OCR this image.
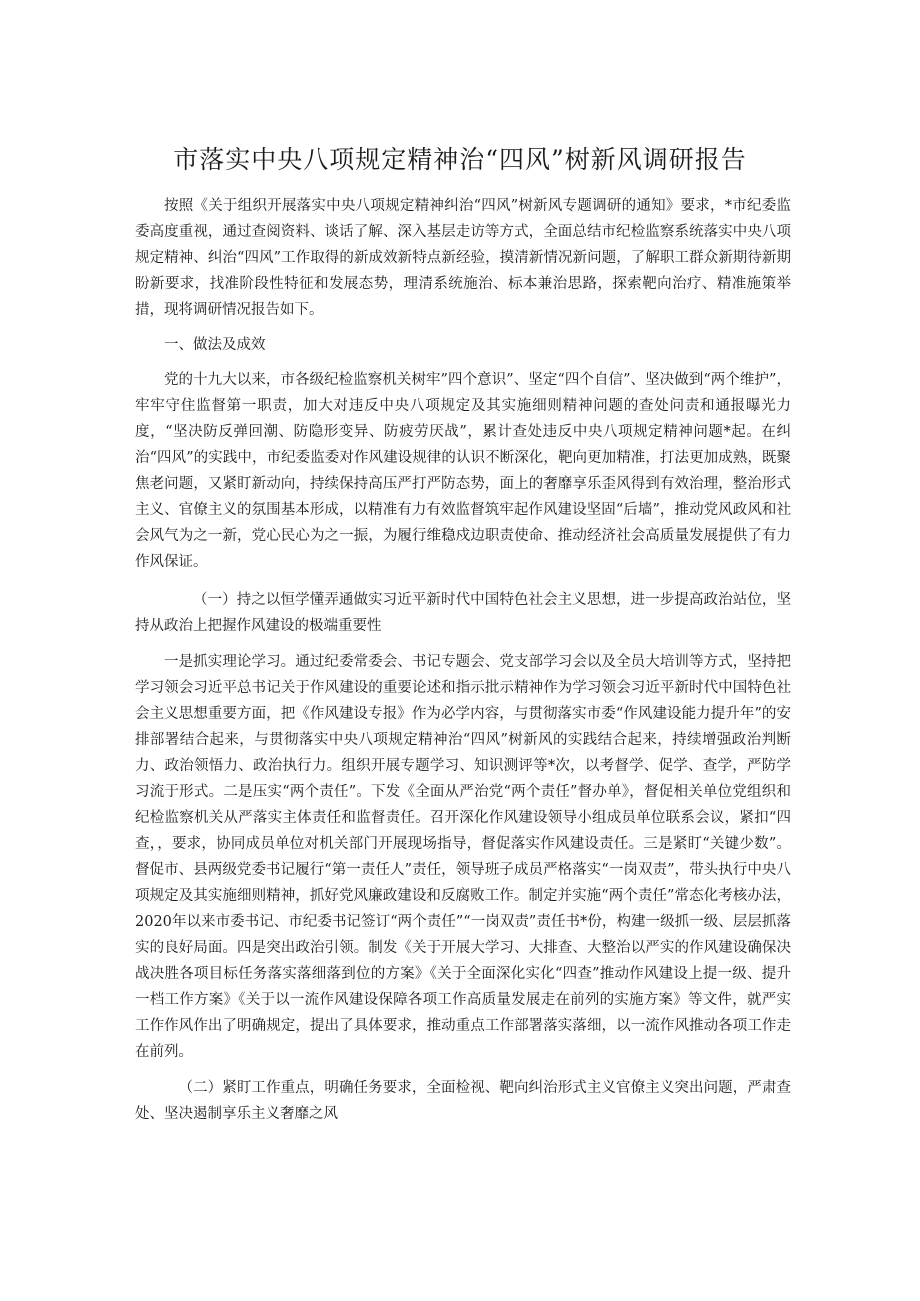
市落实中央八项规定精神治“四风”树新风调研报告

按照《关于组织开展落实中央八项规定精神纠治“四风”树新风专题调研的通知》要求，*市纪委监委高度重视，通过查阅资料、谈话了解、深入基层走访等方式，全面总结市纪检监察系统落实中央八项规定精神、纠治“四风”工作取得的新成效新特点新经验，摸清新情况新问题，了解职工群众新期待新期盼新要求，找准阶段性特征和发展态势，理清系统施治、标本兼治思路，探索靶向治疗、精准施策举措，现将调研情况报告如下。

一、做法及成效

党的十九大以来，市各级纪检监察机关树牢”四个意识”、坚定“四个自信”、坚决做到“两个维护”，牢牢守住监督第一职责，加大对违反中央八项规定及其实施细则精神问题的查处问责和通报曝光力度，“坚决防反弹回潮、防隐形变异、防疲劳厌战”，累计查处违反中央八项规定精神问题*起。在纠治“四风”的实践中，市纪委监委对作风建设规律的认识不断深化，靶向更加精准，打法更加成熟，既聚焦老问题，又紧盯新动向，持续保持高压严打严防态势，面上的奢靡享乐歪风得到有效治理，整治形式主义、官僚主义的氛围基本形成，以精准有力有效监督筑牢起作风建设坚固“后墙”，推动党风政风和社会风气为之一新，党心民心为之一振，为履行维稳戍边职责使命、推动经济社会高质量发展提供了有力作风保证。

（一）持之以恒学懂弄通做实习近平新时代中国特色社会主义思想，进一步提高政治站位，坚持从政治上把握作风建设的极端重要性

一是抓实理论学习。通过纪委常委会、书记专题会、党支部学习会以及全员大培训等方式，坚持把学习领会习近平总书记关于作风建设的重要论述和指示批示精神作为学习领会习近平新时代中国特色社会主义思想重要方面，把《作风建设专报》作为必学内容，与贯彻落实市委“作风建设能力提升年”的安排部署结合起来，与贯彻落实中央八项规定精神治“四风”树新风的实践结合起来，持续增强政治判断力、政治领悟力、政治执行力。组织开展专题学习、知识测评等*次，以考督学、促学、查学，严防学习流于形式。二是压实“两个责任”。下发《全面从严治党“两个责任”督办单》，督促相关单位党组织和纪检监察机关从严落实主体责任和监督责任。召开深化作风建设领导小组成员单位联系会议，紧扣“四查，，要求，协同成员单位对机关部门开展现场指导，督促落实作风建设责任。三是紧盯“关键少数”。督促市、县两级党委书记履行“第一责任人”责任，领导班子成员严格落实“一岗双责”，带头执行中央八项规定及其实施细则精神，抓好党风廉政建设和反腐败工作。制定并实施“两个责任”常态化考核办法，2020年以来市委书记、市纪委书记签订“两个责任”“一岗双责”责任书*份，构建一级抓一级、层层抓落实的良好局面。四是突出政治引领。制发《关于开展大学习、大排查、大整治以严实的作风建设确保决战决胜各项目标任务落实落细落到位的方案》《关于全面深化实化“四查”推动作风建设上提一级、提升一档工作方案》《关于以一流作风建设保障各项工作高质量发展走在前列的实施方案》等文件，就严实工作作风作出了明确规定，提出了具体要求，推动重点工作部署落实落细，以一流作风推动各项工作走在前列。

（二）紧盯工作重点，明确任务要求，全面检视、靶向纠治形式主义官僚主义突出问题，严肃查处、坚决遏制享乐主义奢靡之风
